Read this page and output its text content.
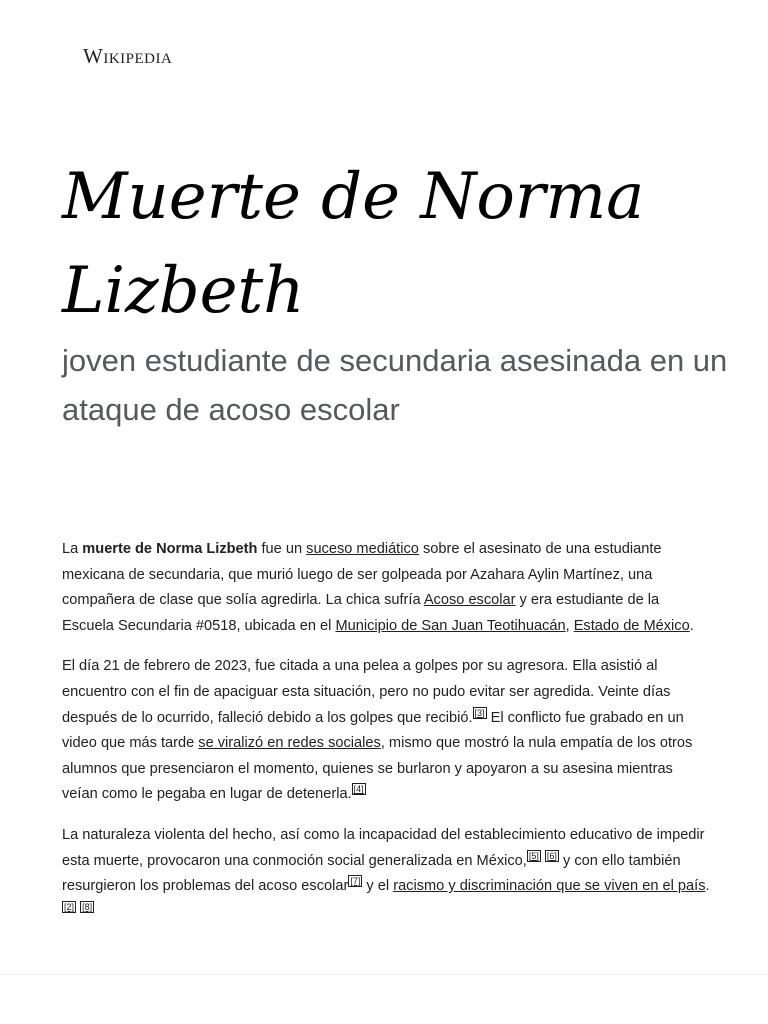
Wikipedia
Muerte de Norma Lizbeth
joven estudiante de secundaria asesinada en un ataque de acoso escolar

La muerte de Norma Lizbeth fue un suceso mediático sobre el asesinato de una estudiante mexicana de secundaria, que murió luego de ser golpeada por Azahara Aylin Martínez, una compañera de clase que solía agredirla. La chica sufría Acoso escolar y era estudiante de la Escuela Secundaria #0518, ubicada en el Municipio de San Juan Teotihuacán, Estado de México.

El día 21 de febrero de 2023, fue citada a una pelea a golpes por su agresora. Ella asistió al encuentro con el fin de apaciguar esta situación, pero no pudo evitar ser agredida. Veinte días después de lo ocurrido, falleció debido a los golpes que recibió. [3] El conflicto fue grabado en un video que más tarde se viralizó en redes sociales, mismo que mostró la nula empatía de los otros alumnos que presenciaron el momento, quienes se burlaron y apoyaron a su asesina mientras veían como le pegaba en lugar de detenerla. [4]

La naturaleza violenta del hecho, así como la incapacidad del establecimiento educativo de impedir esta muerte, provocaron una conmoción social generalizada en México, [5] [6] y con ello también resurgieron los problemas del acoso escolar [7] y el racismo y discriminación que se viven en el país.[2] [8]
